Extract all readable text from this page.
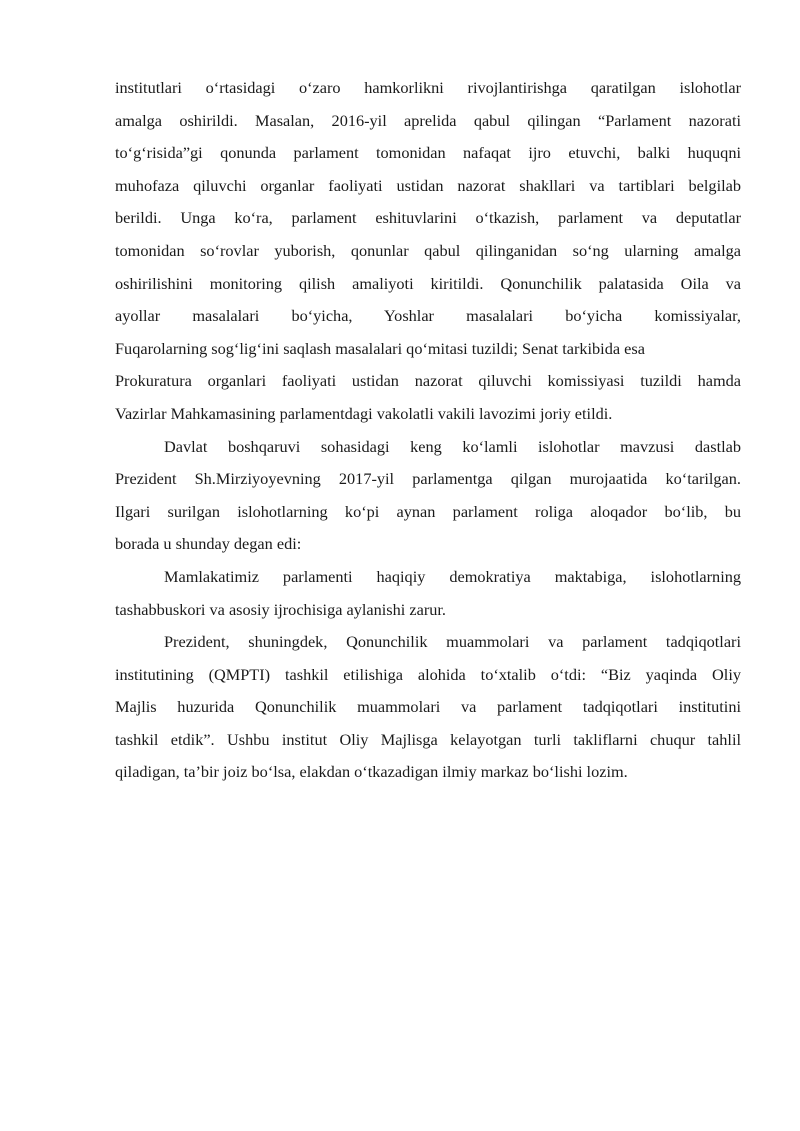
institutlari o‘rtasidagi o‘zaro hamkorlikni rivojlantirishga qaratilgan islohotlar
amalga oshirildi. Masalan, 2016-yil aprelida qabul qilingan “Parlament nazorati
to‘g‘risida”gi qonunda parlament tomonidan nafaqat ijro etuvchi, balki huquqni
muhofaza qiluvchi organlar faoliyati ustidan nazorat shakllari va tartiblari belgilab
berildi. Unga ko‘ra, parlament eshituvlarini o‘tkazish, parlament va deputatlar
tomonidan so‘rovlar yuborish, qonunlar qabul qilinganidan so‘ng ularning amalga
oshirilishini monitoring qilish amaliyoti kiritildi. Qonunchilik palatasida Oila va
ayollar masalalari bo‘yicha, Yoshlar masalalari bo‘yicha komissiyalar,
Fuqarolarning sog‘lig‘ini saqlash masalalari qo‘mitasi tuzildi; Senat tarkibida esa
Prokuratura organlari faoliyati ustidan nazorat qiluvchi komissiyasi tuzildi hamda
Vazirlar Mahkamasining parlamentdagi vakolatli vakili lavozimi joriy etildi.

Davlat boshqaruvi sohasidagi keng ko‘lamli islohotlar mavzusi dastlab
Prezident Sh.Mirziyoyevning 2017-yil parlamentga qilgan murojaatida ko‘tarilgan.
Ilgari surilgan islohotlarning ko‘pi aynan parlament roliga aloqador bo‘lib, bu
borada u shunday degan edi:

Mamlakatimiz parlamenti haqiqiy demokratiya maktabiga, islohotlarning
tashabbuskori va asosiy ijrochisiga aylanishi zarur.

Prezident, shuningdek, Qonunchilik muammolari va parlament tadqiqotlari
institutining (QMPTI) tashkil etilishiga alohida to‘xtalib o‘tdi: “Biz yaqinda Oliy
Majlis huzurida Qonunchilik muammolari va parlament tadqiqotlari institutini
tashkil etdik”. Ushbu institut Oliy Majlisga kelayotgan turli takliflarni chuqur tahlil
qiladigan, ta’bir joiz bo‘lsa, elakdan o‘tkazadigan ilmiy markaz bo‘lishi lozim.
